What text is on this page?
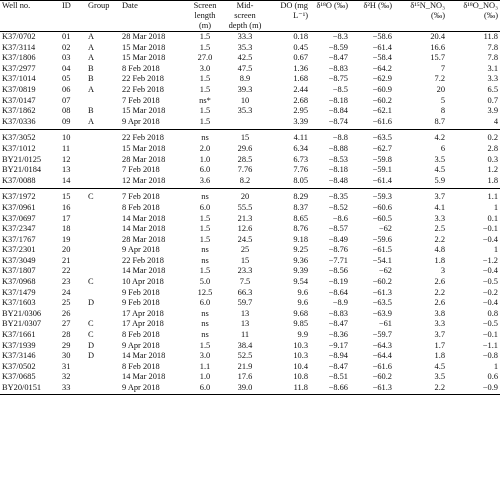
Well no.	ID	Group	Date	Screen length (m)	Mid-screen depth (m)	DO (mg L⁻¹)	δ¹⁸O (‰)	δ²H (‰)	δ¹⁵N_NO₃ (‰)	δ¹⁸O_NO₃ (‰)

K37/0702	01	A	28 Mar 2018	1.5	33.3	0.18	−8.3	−58.6	20.4	11.8
K37/3114	02	A	15 Mar 2018	1.5	35.3	0.45	−8.59	−61.4	16.6	7.8
K37/1806	03	A	15 Mar 2018	27.0	42.5	0.67	−8.47	−58.4	15.7	7.8
K37/2977	04	B	8 Feb 2018	3.0	47.5	1.36	−8.83	−64.2	7	3.1
K37/1014	05	B	22 Feb 2018	1.5	8.9	1.68	−8.75	−62.9	7.2	3.3
K37/0819	06	A	22 Feb 2018	1.5	39.3	2.44	−8.5	−60.9	20	6.5
K37/0147	07		7 Feb 2018	ns*	10	2.68	−8.18	−60.2	5	0.7
K37/1862	08	B	15 Mar 2018	1.5	35.3	2.95	−8.84	−62.1	8	3.9
K37/0336	09	A	9 Apr 2018	1.5		3.39	−8.74	−61.6	8.7	4
K37/3052	10		22 Feb 2018	ns	15	4.11	−8.8	−63.5	4.2	0.2
K37/1012	11		15 Mar 2018	2.0	29.6	6.34	−8.88	−62.7	6	2.8
BY21/0125	12		28 Mar 2018	1.0	28.5	6.73	−8.53	−59.8	3.5	0.3
BY21/0184	13		7 Feb 2018	6.0	7.76	7.76	−8.18	−59.1	4.5	1.2
K37/0088	14		12 Mar 2018	3.6	8.2	8.05	−8.48	−61.4	5.9	1.8
K37/1972	15	C	7 Feb 2018	ns	20	8.29	−8.35	−59.3	3.7	1.1
K37/0961	16		8 Feb 2018	6.0	55.5	8.37	−8.52	−60.6	4.1	1
K37/0697	17		14 Mar 2018	1.5	21.3	8.65	−8.6	−60.5	3.3	0.1
K37/2347	18		14 Mar 2018	1.5	12.6	8.76	−8.57	−62	2.5	−0.1
K37/1767	19		28 Mar 2018	1.5	24.5	9.18	−8.49	−59.6	2.2	−0.4
K37/2301	20		9 Apr 2018	ns	25	9.25	−8.76	−61.5	4.8	1
K37/3049	21		22 Feb 2018	ns	15	9.36	−7.71	−54.1	1.8	−1.2
K37/1807	22		14 Mar 2018	1.5	23.3	9.39	−8.56	−62	3	−0.4
K37/0968	23	C	10 Apr 2018	5.0	7.5	9.54	−8.19	−60.2	2.6	−0.5
K37/1479	24		9 Feb 2018	12.5	66.3	9.6	−8.64	−61.3	2.2	−0.2
K37/1603	25	D	9 Feb 2018	6.0	59.7	9.6	−8.9	−63.5	2.6	−0.4
BY21/0306	26		17 Apr 2018	ns	13	9.68	−8.83	−63.9	3.8	0.8
BY21/0307	27	C	17 Apr 2018	ns	13	9.85	−8.47	−61	3.3	−0.5
K37/1661	28	C	8 Feb 2018	ns	11	9.9	−8.36	−59.7	3.7	−0.1
K37/1939	29	D	9 Apr 2018	1.5	38.4	10.3	−9.17	−64.3	1.7	−1.1
K37/3146	30	D	14 Mar 2018	3.0	52.5	10.3	−8.94	−64.4	1.8	−0.8
K37/0502	31		8 Feb 2018	1.1	21.9	10.4	−8.47	−61.6	4.5	1
K37/0685	32		14 Mar 2018	1.0	17.6	10.8	−8.51	−60.2	3.5	0.6
BY20/0151	33		9 Apr 2018	6.0	39.0	11.8	−8.66	−61.3	2.2	−0.9
